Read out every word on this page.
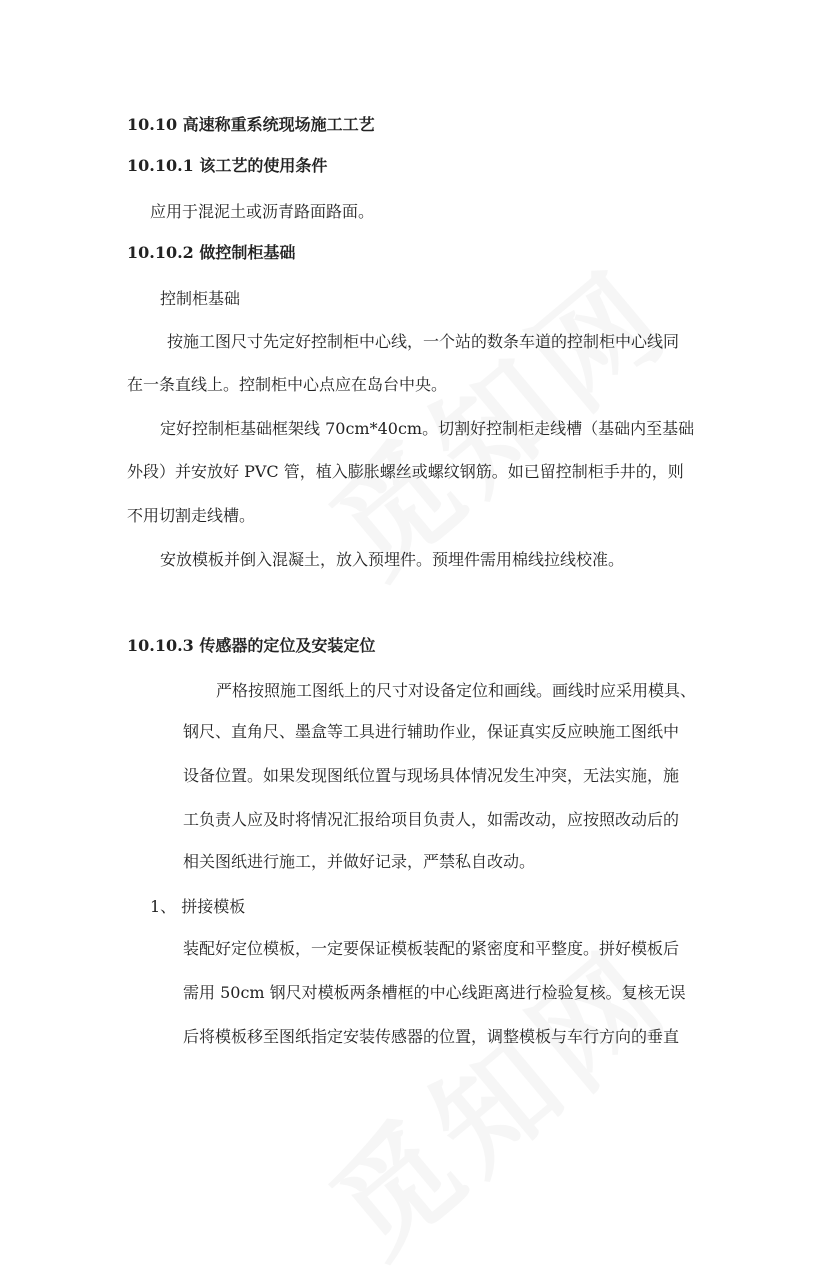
10.10 高速称重系统现场施工工艺
10.10.1 该工艺的使用条件
应用于混泥土或沥青路面路面。
10.10.2 做控制柜基础
控制柜基础
按施工图尺寸先定好控制柜中心线，一个站的数条车道的控制柜中心线同
在一条直线上。控制柜中心点应在岛台中央。
定好控制柜基础框架线 70cm*40cm。切割好控制柜走线槽（基础内至基础
外段）并安放好 PVC 管，植入膨胀螺丝或螺纹钢筋。如已留控制柜手井的，则
不用切割走线槽。
安放模板并倒入混凝土，放入预埋件。预埋件需用棉线拉线校准。
10.10.3 传感器的定位及安装定位
严格按照施工图纸上的尺寸对设备定位和画线。画线时应采用模具、
钢尺、直角尺、墨盒等工具进行辅助作业，保证真实反应映施工图纸中
设备位置。如果发现图纸位置与现场具体情况发生冲突，无法实施，施
工负责人应及时将情况汇报给项目负责人，如需改动，应按照改动后的
相关图纸进行施工，并做好记录，严禁私自改动。
1、 拼接模板
装配好定位模板，一定要保证模板装配的紧密度和平整度。拼好模板后
需用 50cm 钢尺对模板两条槽框的中心线距离进行检验复核。复核无误
后将模板移至图纸指定安装传感器的位置，调整模板与车行方向的垂直
